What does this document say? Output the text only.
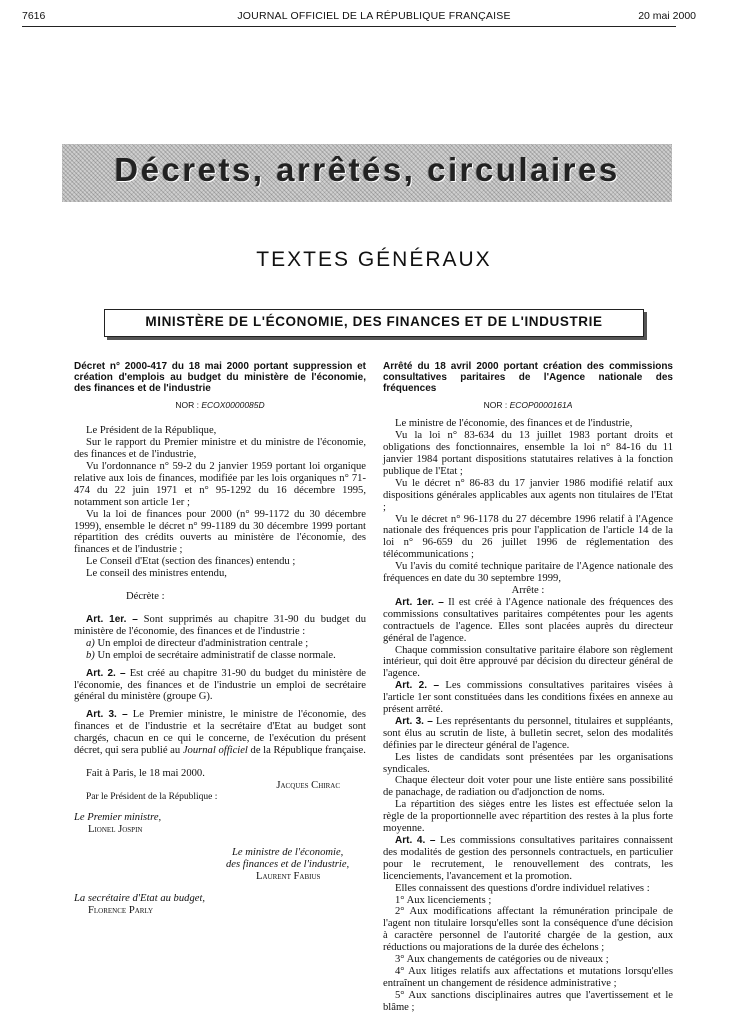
7616	JOURNAL OFFICIEL DE LA RÉPUBLIQUE FRANÇAISE	20 mai 2000
Décrets, arrêtés, circulaires
TEXTES GÉNÉRAUX
MINISTÈRE DE L'ÉCONOMIE, DES FINANCES ET DE L'INDUSTRIE

Décret n° 2000-417 du 18 mai 2000 portant suppression et création d'emplois au budget du ministère de l'économie, des finances et de l'industrie

NOR : ECOX0000085D

Le Président de la République,

Sur le rapport du Premier ministre et du ministre de l'économie, des finances et de l'industrie,

Vu l'ordonnance n° 59-2 du 2 janvier 1959 portant loi organique relative aux lois de finances, modifiée par les lois organiques n° 71-474 du 22 juin 1971 et n° 95-1292 du 16 décembre 1995, notamment son article 1er ;

Vu la loi de finances pour 2000 (n° 99-1172 du 30 décembre 1999), ensemble le décret n° 99-1189 du 30 décembre 1999 portant répartition des crédits ouverts au ministère de l'économie, des finances et de l'industrie ;

Le Conseil d'Etat (section des finances) entendu ;

Le conseil des ministres entendu,

Décrète :

Art. 1er. – Sont supprimés au chapitre 31-90 du budget du ministère de l'économie, des finances et de l'industrie :

a) Un emploi de directeur d'administration centrale ;

b) Un emploi de secrétaire administratif de classe normale.

Art. 2. – Est créé au chapitre 31-90 du budget du ministère de l'économie, des finances et de l'industrie un emploi de secrétaire général du ministère (groupe G).

Art. 3. – Le Premier ministre, le ministre de l'économie, des finances et de l'industrie et la secrétaire d'Etat au budget sont chargés, chacun en ce qui le concerne, de l'exécution du présent décret, qui sera publié au Journal officiel de la République française.

Fait à Paris, le 18 mai 2000.

Jacques Chirac

Par le Président de la République :

Le Premier ministre,

Lionel Jospin

Le ministre de l'économie,

des finances et de l'industrie,

Laurent Fabius

La secrétaire d'Etat au budget,

Florence Parly

Arrêté du 18 avril 2000 portant création des commissions consultatives paritaires de l'Agence nationale des fréquences

NOR : ECOP0000161A

Le ministre de l'économie, des finances et de l'industrie,

Vu la loi n° 83-634 du 13 juillet 1983 portant droits et obligations des fonctionnaires, ensemble la loi n° 84-16 du 11 janvier 1984 portant dispositions statutaires relatives à la fonction publique de l'Etat ;

Vu le décret n° 86-83 du 17 janvier 1986 modifié relatif aux dispositions générales applicables aux agents non titulaires de l'Etat ;

Vu le décret n° 96-1178 du 27 décembre 1996 relatif à l'Agence nationale des fréquences pris pour l'application de l'article 14 de la loi n° 96-659 du 26 juillet 1996 de réglementation des télécommunications ;

Vu l'avis du comité technique paritaire de l'Agence nationale des fréquences en date du 30 septembre 1999,

Arrête :

Art. 1er. – Il est créé à l'Agence nationale des fréquences des commissions consultatives paritaires compétentes pour les agents contractuels de l'agence. Elles sont placées auprès du directeur général de l'agence.

Chaque commission consultative paritaire élabore son règlement intérieur, qui doit être approuvé par décision du directeur général de l'agence.

Art. 2. – Les commissions consultatives paritaires visées à l'article 1er sont constituées dans les conditions fixées en annexe au présent arrêté.

Art. 3. – Les représentants du personnel, titulaires et suppléants, sont élus au scrutin de liste, à bulletin secret, selon des modalités définies par le directeur général de l'agence.

Les listes de candidats sont présentées par les organisations syndicales.

Chaque électeur doit voter pour une liste entière sans possibilité de panachage, de radiation ou d'adjonction de noms.

La répartition des sièges entre les listes est effectuée selon la règle de la proportionnelle avec répartition des restes à la plus forte moyenne.

Art. 4. – Les commissions consultatives paritaires connaissent des modalités de gestion des personnels contractuels, en particulier pour le recrutement, le renouvellement des contrats, les licenciements, l'avancement et la promotion.

Elles connaissent des questions d'ordre individuel relatives :

1° Aux licenciements ;

2° Aux modifications affectant la rémunération principale de l'agent non titulaire lorsqu'elles sont la conséquence d'une décision à caractère personnel de l'autorité chargée de la gestion, aux réductions ou majorations de la durée des échelons ;

3° Aux changements de catégories ou de niveaux ;

4° Aux litiges relatifs aux affectations et mutations lorsqu'elles entraînent un changement de résidence administrative ;

5° Aux sanctions disciplinaires autres que l'avertissement et le blâme ;
